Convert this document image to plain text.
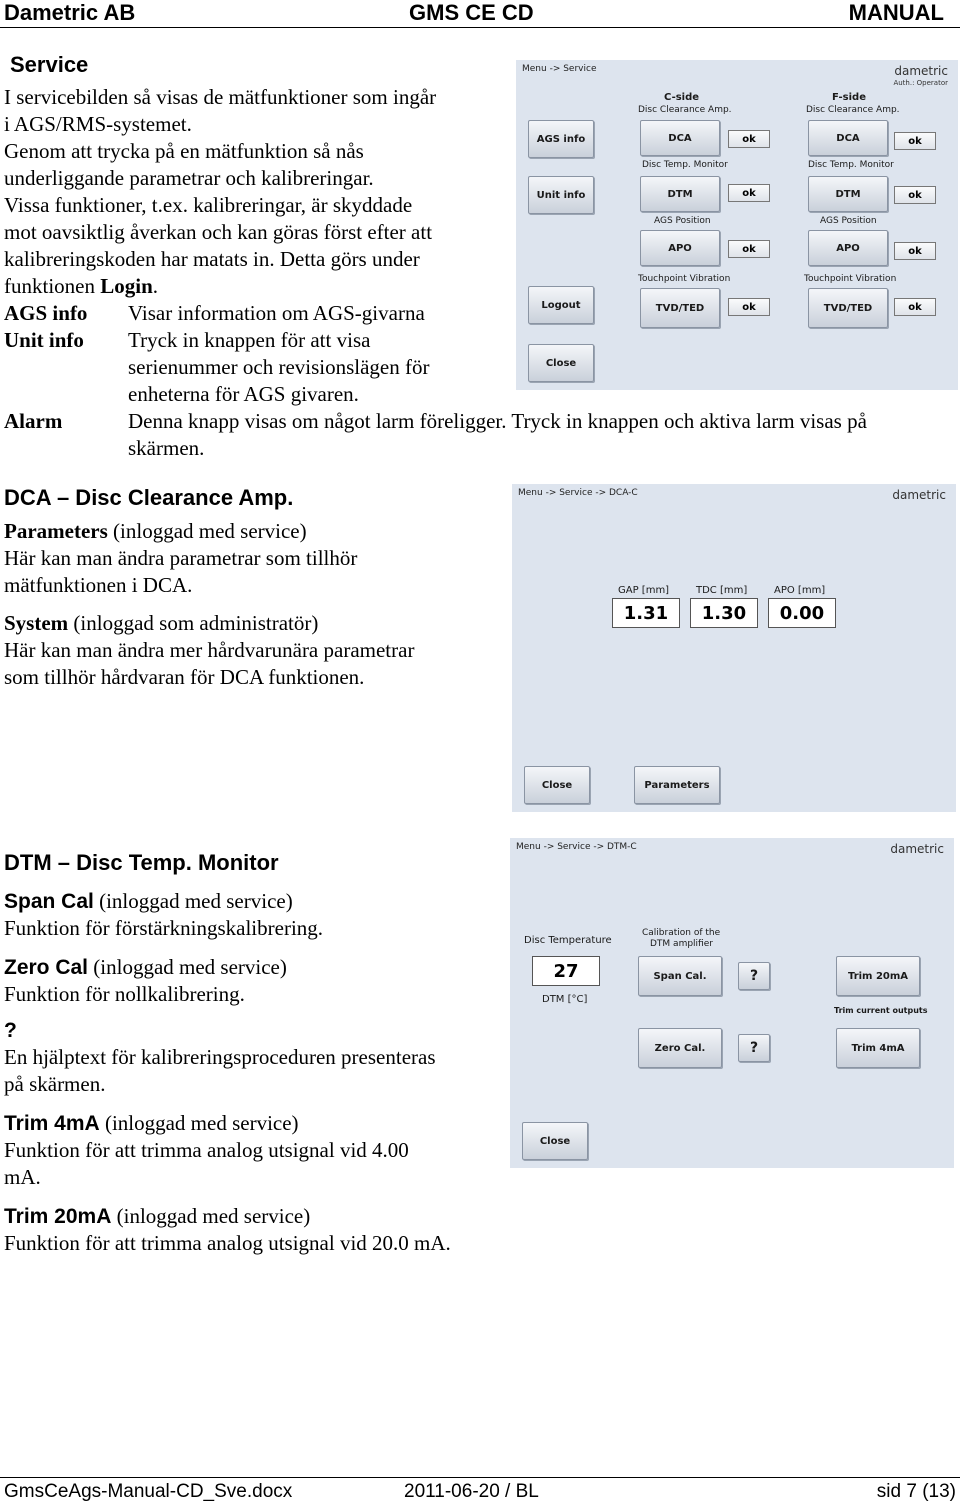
Dametric AB	GMS CE CD	MANUAL
Service
I servicebilden så visas de mätfunktioner som ingår
i AGS/RMS-systemet.
Genom att trycka på en mätfunktion så nås
underliggande parametrar och kalibreringar.
Vissa funktioner, t.ex. kalibreringar, är skyddade
mot oavsiktlig åverkan och kan göras först efter att
kalibreringskoden har matats in. Detta görs under
funktionen Login.
AGS info Visar information om AGS-givarna
Unit info Tryck in knappen för att visa
serienummer och revisionslägen för
enheterna för AGS givaren.
Alarm	Denna knapp visas om något larm föreligger. Tryck in knappen och aktiva larm visas på
skärmen.
Menu -> Service	dametric
Auth.: Operator
AGS info
Unit info
Logout
Close
C-side	F-side
Disc Clearance Amp.
DCA	ok
Disc Temp. Monitor
DTM	ok
AGS Position
APO	ok
Touchpoint Vibration
TVD/TED	ok
Disc Clearance Amp.
DCA	ok
Disc Temp. Monitor
DTM	ok
AGS Position
APO	ok
Touchpoint Vibration
TVD/TED	ok
DCA – Disc Clearance Amp.
Parameters (inloggad med service)
Här kan man ändra parametrar som tillhör
mätfunktionen i DCA.
System (inloggad som administratör)
Här kan man ändra mer hårdvarunära parametrar
som tillhör hårdvaran för DCA funktionen.
Menu -> Service -> DCA-C	dametric
GAP [mm]
1.31
TDC [mm]
1.30
APO [mm]
0.00
Close	Parameters
DTM – Disc Temp. Monitor
Span Cal (inloggad med service)
Funktion för förstärkningskalibrering.
Zero Cal (inloggad med service)
Funktion för nollkalibrering.
?
En hjälptext för kalibreringsproceduren presenteras
på skärmen.
Trim 4mA (inloggad med service)
Funktion för att trimma analog utsignal vid 4.00
mA.
Trim 20mA (inloggad med service)
Funktion för att trimma analog utsignal vid 20.0 mA.
Menu -> Service -> DTM-C	dametric
Disc Temperature
27
DTM [°C]
Calibration of the
DTM amplifier
Span Cal.	?	Trim 20mA
Trim current outputs
Zero Cal.	?	Trim 4mA
Close
GmsCeAgs-Manual-CD_Sve.docx	2011-06-20 / BL	sid 7 (13)
